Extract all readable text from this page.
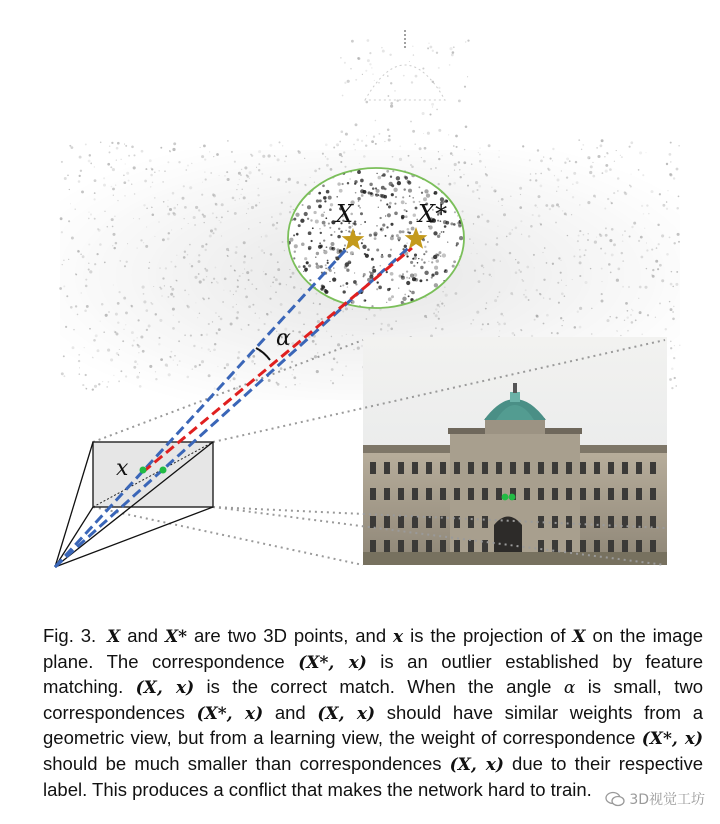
X	X*
α
x

Fig. 3. X and X* are two 3D points, and x is the projection of X on the image plane. The correspondence (X*, x) is an outlier established by feature matching. (X, x) is the correct match. When the angle α is small, two correspondences (X*, x) and (X, x) should have similar weights from a geometric view, but from a learning view, the weight of correspondence (X*, x) should be much smaller than correspondences (X, x) due to their respective label. This produces a conflict that makes the network hard to train.

3D视觉工坊
